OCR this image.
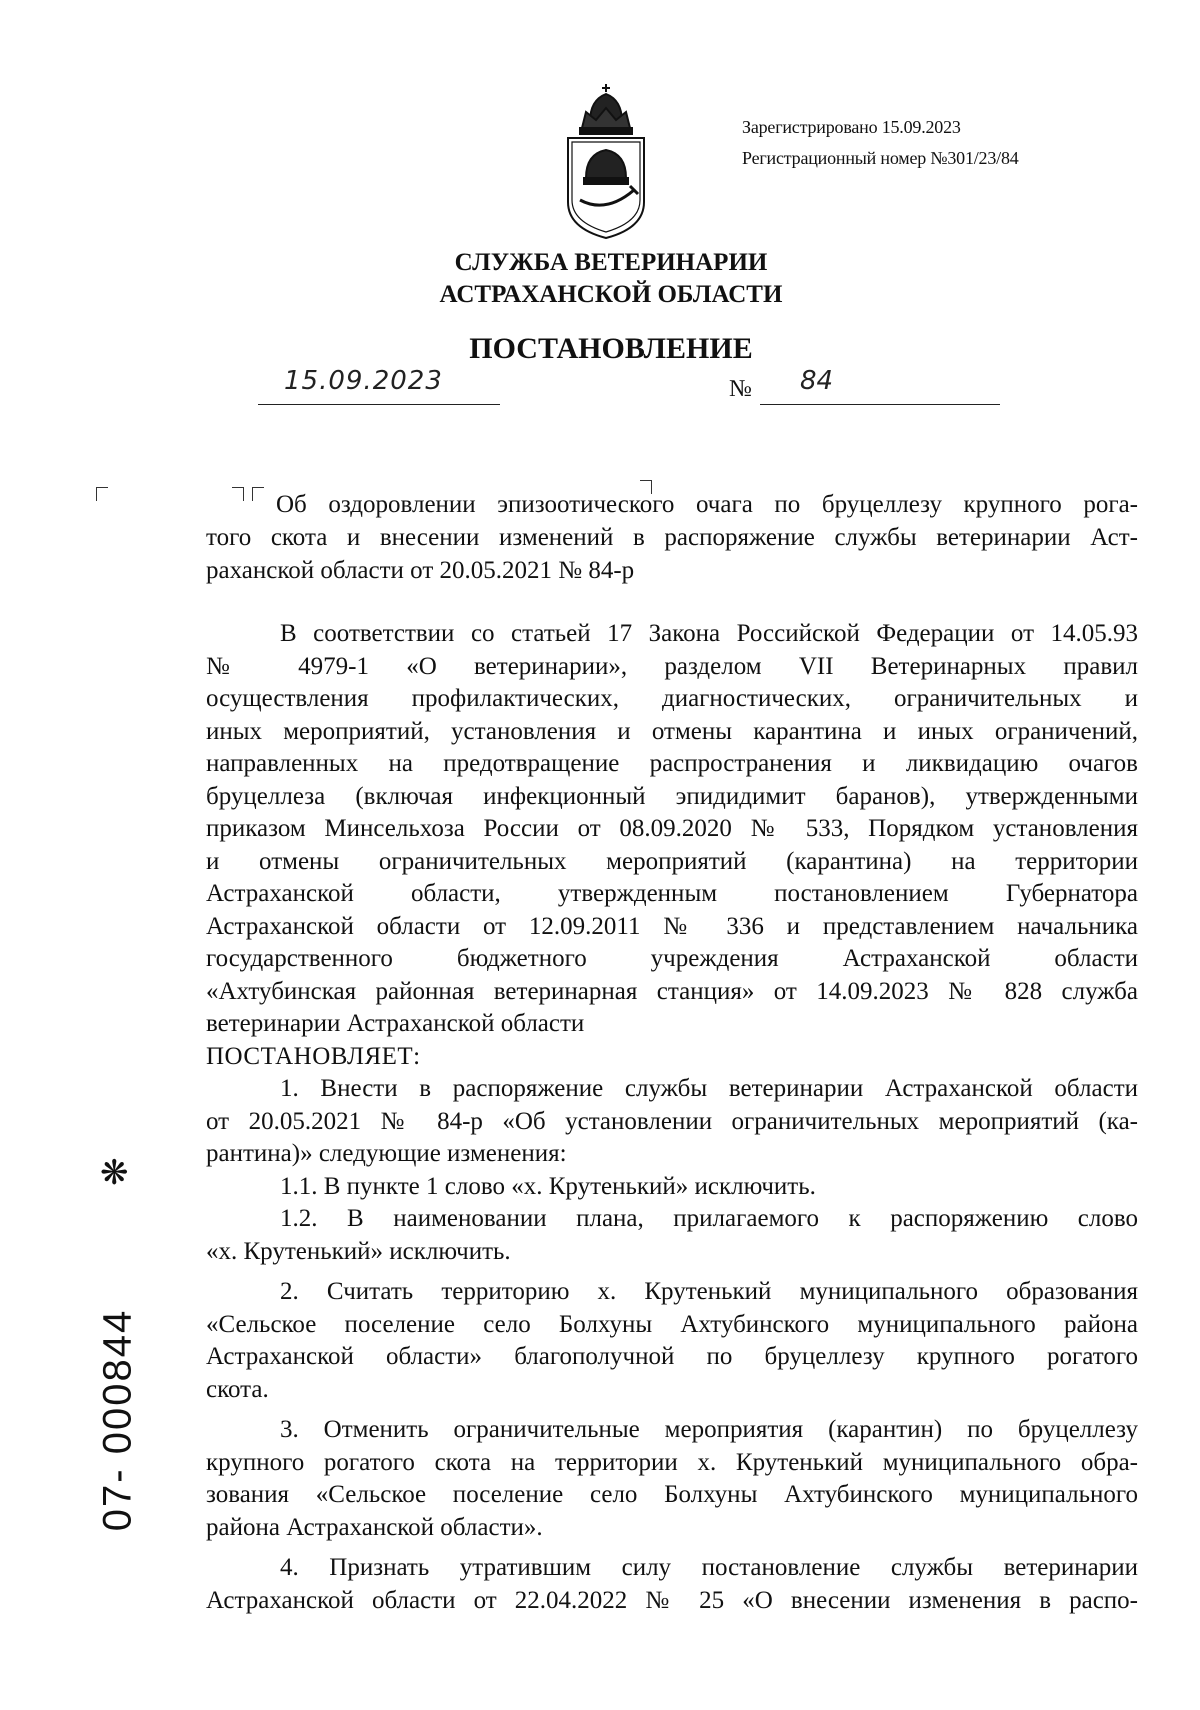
Зарегистрировано 15.09.2023
Регистрационный номер №301/23/84
СЛУЖБА ВЕТЕРИНАРИИ
АСТРАХАНСКОЙ ОБЛАСТИ
ПОСТАНОВЛЕНИЕ
15.09.2023	№ 84
Об оздоровлении эпизоотического очага по бруцеллезу крупного рога-
того скота и внесении изменений в распоряжение службы ветеринарии Аст-
раханской области от 20.05.2021 № 84-р

В соответствии со статьей 17 Закона Российской Федерации от 14.05.93
№ 4979-1 «О ветеринарии», разделом VII Ветеринарных правил
осуществления профилактических, диагностических, ограничительных и
иных мероприятий, установления и отмены карантина и иных ограничений,
направленных на предотвращение распространения и ликвидацию очагов
бруцеллеза (включая инфекционный эпидидимит баранов), утвержденными
приказом Минсельхоза России от 08.09.2020 № 533, Порядком установления
и отмены ограничительных мероприятий (карантина) на территории
Астраханской области, утвержденным постановлением Губернатора
Астраханской области от 12.09.2011 № 336 и представлением начальника
государственного бюджетного учреждения Астраханской области
«Ахтубинская районная ветеринарная станция» от 14.09.2023 № 828 служба
ветеринарии Астраханской области

ПОСТАНОВЛЯЕТ:

1. Внести в распоряжение службы ветеринарии Астраханской области
от 20.05.2021 № 84-р «Об установлении ограничительных мероприятий (ка-
рантина)» следующие изменения:

1.1. В пункте 1 слово «х. Крутенький» исключить.

1.2. В наименовании плана, прилагаемого к распоряжению слово
«х. Крутенький» исключить.

2. Считать территорию х. Крутенький муниципального образования
«Сельское поселение село Болхуны Ахтубинского муниципального района
Астраханской области» благополучной по бруцеллезу крупного рогатого
скота.

3. Отменить ограничительные мероприятия (карантин) по бруцеллезу
крупного рогатого скота на территории х. Крутенький муниципального обра-
зования «Сельское поселение село Болхуны Ахтубинского муниципального
района Астраханской области».

4. Признать утратившим силу постановление службы ветеринарии
Астраханской области от 22.04.2022 № 25 «О внесении изменения в распо-

❋
07- 000844
